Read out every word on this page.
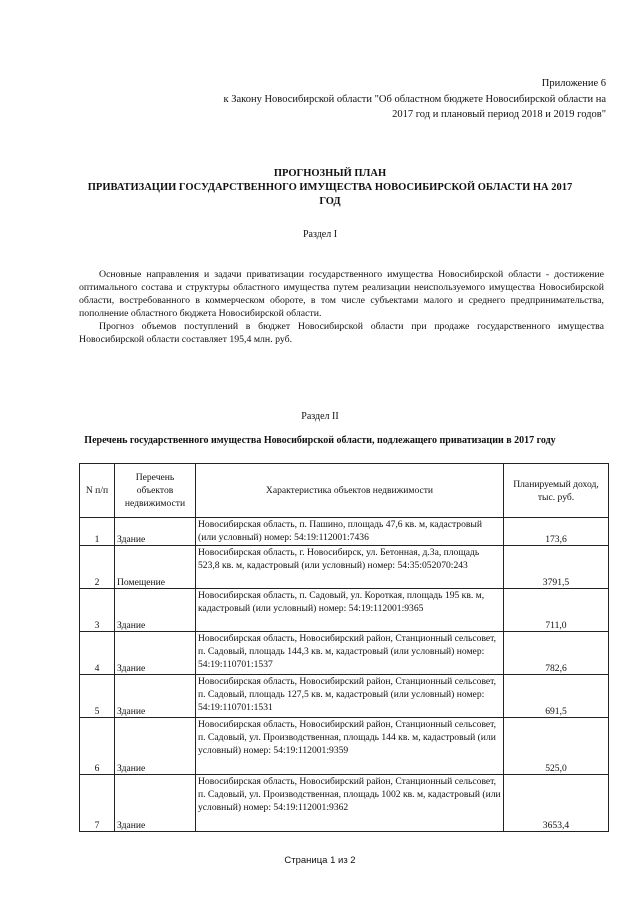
Приложение 6
к Закону Новосибирской области "Об областном бюджете Новосибирской области на
2017 год и плановый период 2018 и 2019 годов"
ПРОГНОЗНЫЙ ПЛАН
ПРИВАТИЗАЦИИ ГОСУДАРСТВЕННОГО ИМУЩЕСТВА НОВОСИБИРСКОЙ ОБЛАСТИ НА 2017
ГОД
Раздел I

Основные направления и задачи приватизации государственного имущества Новосибирской области - достижение оптимального состава и структуры областного имущества путем реализации неиспользуемого имущества Новосибирской области, востребованного в коммерческом обороте, в том числе субъектами малого и среднего предпринимательства, пополнение областного бюджета Новосибирской области.

Прогноз объемов поступлений в бюджет Новосибирской области при продаже государственного имущества Новосибирской области составляет 195,4 млн. руб.

Раздел II
Перечень государственного имущества Новосибирской области, подлежащего приватизации в 2017 году
N п/п	Перечень объектов недвижимости	Характеристика объектов недвижимости	Планируемый доход, тыс. руб.
1	Здание	Новосибирская область, п. Пашино, площадь 47,6 кв. м, кадастровый (или условный) номер: 54:19:112001:7436	173,6
2	Помещение	Новосибирская область, г. Новосибирск, ул. Бетонная, д.3а, площадь 523,8 кв. м, кадастровый (или условный) номер: 54:35:052070:243	3791,5
3	Здание	Новосибирская область, п. Садовый, ул. Короткая, площадь 195 кв. м, кадастровый (или условный) номер: 54:19:112001:9365	711,0
4	Здание	Новосибирская область, Новосибирский район, Станционный сельсовет, п. Садовый, площадь 144,3 кв. м, кадастровый (или условный) номер: 54:19:110701:1537	782,6
5	Здание	Новосибирская область, Новосибирский район, Станционный сельсовет, п. Садовый, площадь 127,5 кв. м, кадастровый (или условный) номер: 54:19:110701:1531	691,5
6	Здание	Новосибирская область, Новосибирский район, Станционный сельсовет, п. Садовый, ул. Производственная, площадь 144 кв. м, кадастровый (или условный) номер: 54:19:112001:9359	525,0
7	Здание	Новосибирская область, Новосибирский район, Станционный сельсовет, п. Садовый, ул. Производственная, площадь 1002 кв. м, кадастровый (или условный) номер: 54:19:112001:9362	3653,4
Страница 1 из 2
